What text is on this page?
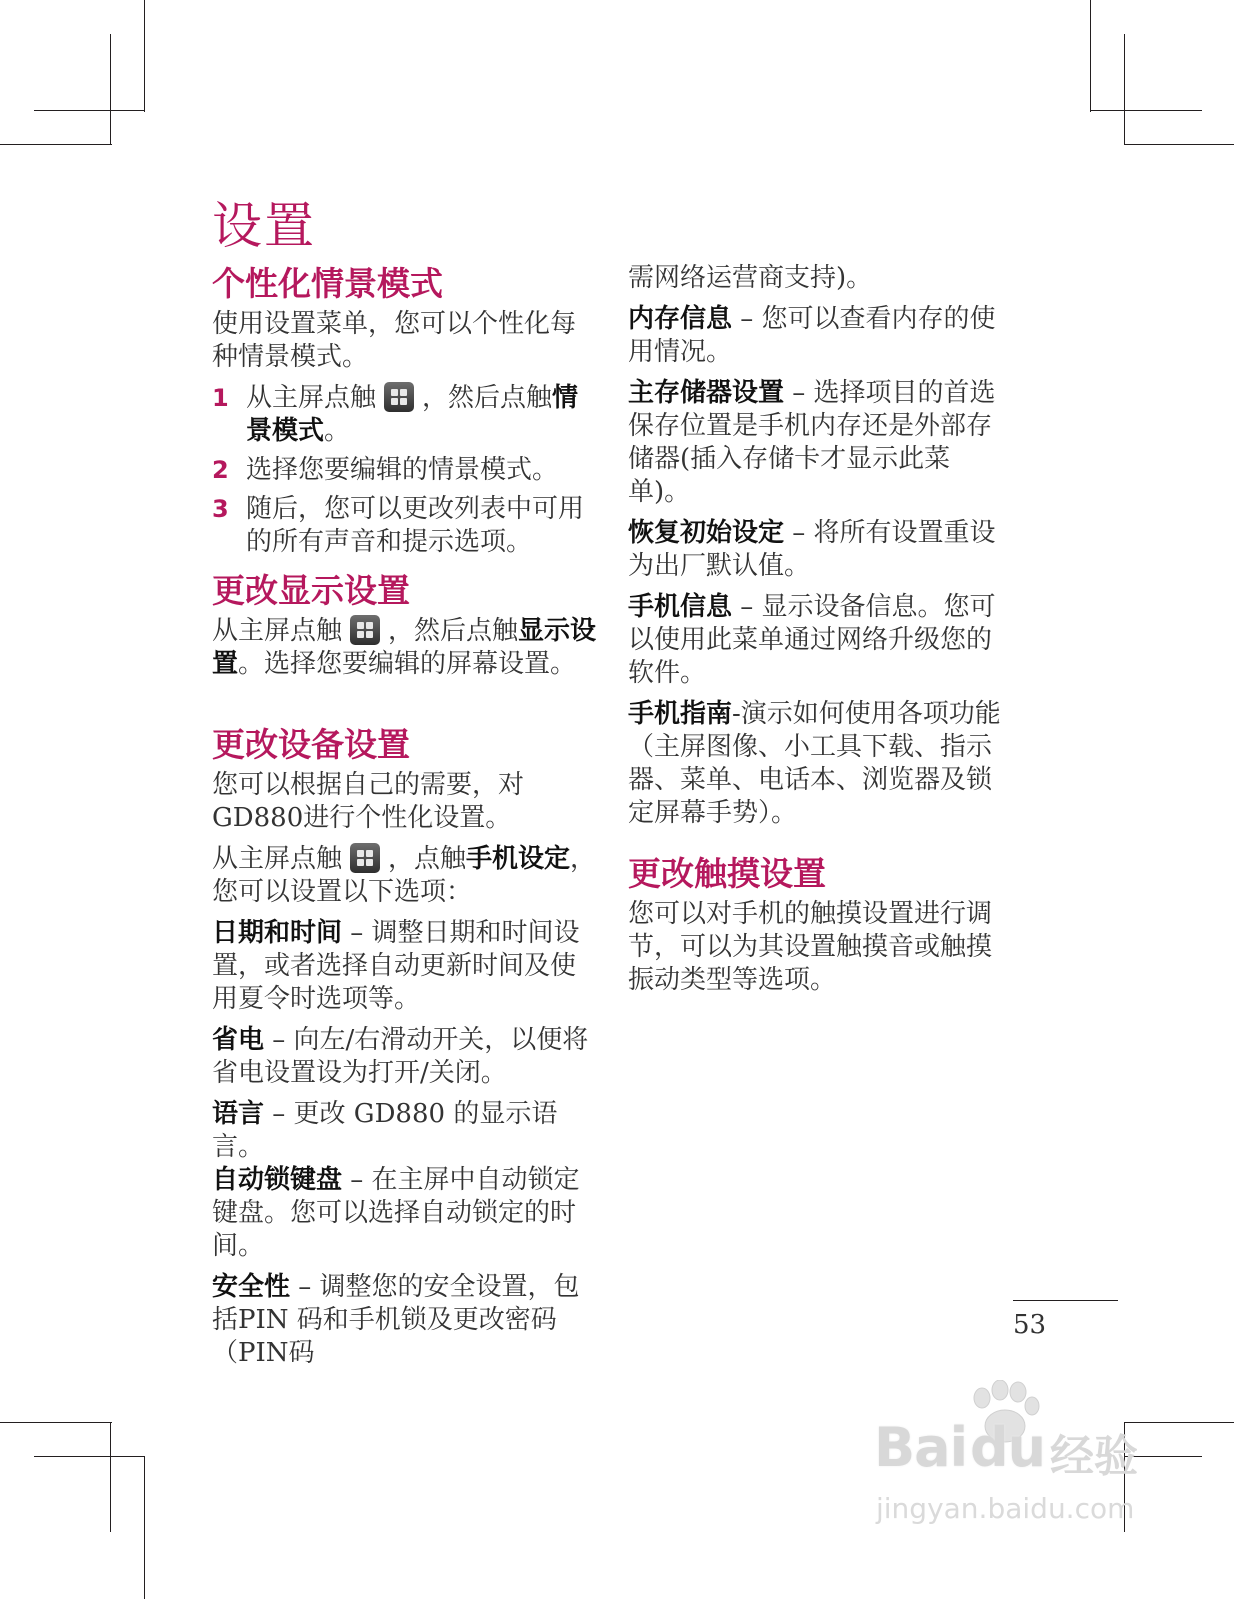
设置
个性化情景模式
使用设置菜单，您可以个性化每种情景模式。
1 从主屏点触 ，然后点触情景模式。
2 选择您要编辑的情景模式。
3 随后，您可以更改列表中可用的所有声音和提示选项。
更改显示设置
从主屏点触 ，然后点触显示设置。选择您要编辑的屏幕设置。
更改设备设置
您可以根据自己的需要，对GD880进行个性化设置。
从主屏点触 ，点触手机设定，您可以设置以下选项：
日期和时间 – 调整日期和时间设置，或者选择自动更新时间及使用夏令时选项等。
省电 – 向左/右滑动开关，以便将省电设置设为打开/关闭。
语言 – 更改 GD880 的显示语言。
自动锁键盘 – 在主屏中自动锁定键盘。您可以选择自动锁定的时间。
安全性 – 调整您的安全设置，包括PIN 码和手机锁及更改密码（PIN码
需网络运营商支持)。
内存信息 – 您可以查看内存的使用情况。
主存储器设置 – 选择项目的首选保存位置是手机内存还是外部存储器(插入存储卡才显示此菜单)。
恢复初始设定 – 将所有设置重设为出厂默认值。
手机信息 – 显示设备信息。您可以使用此菜单通过网络升级您的软件。
手机指南-演示如何使用各项功能（主屏图像、小工具下载、指示器、菜单、电话本、浏览器及锁定屏幕手势）。
更改触摸设置
您可以对手机的触摸设置进行调节，可以为其设置触摸音或触摸振动类型等选项。
53
Bai du 经验
jingyan.baidu.com
